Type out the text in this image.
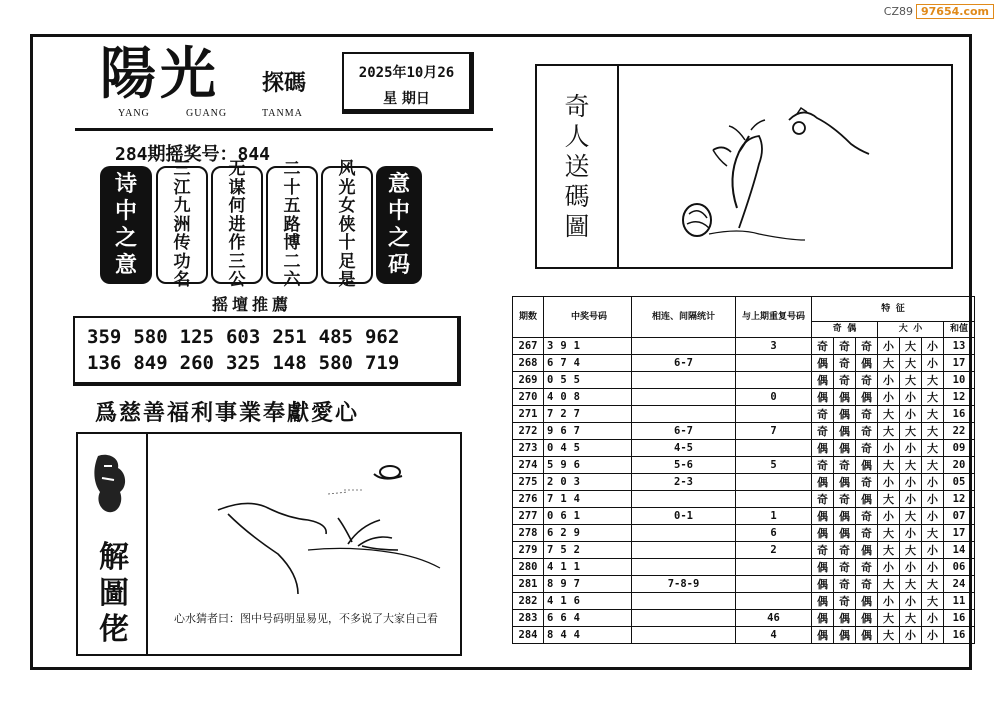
CZ89 97654.com
陽光 探碼
YANG	GUANG	TANMA
2025年10月26
星 期日
284期摇奖号：844
诗
中
之
意
三
江
九
洲
传
功
名
无
谋
何
进
作
三
公
二
十
五
路
博
二
六
风
光
女
侠
十
足
是
意
中
之
码
摇壇推薦
359 580 125 603 251 485 962
136 849 260 325 148 580 719
爲慈善福利事業奉獻愛心
解
圖
佬	心水猜者曰：图中号码明显易见，不多说了大家自己看
奇
人
送
碼
圖
期数	中奖号码	相连、间隔统计	与上期重复号码	特 征						
				奇 偶			大 小			和值
267	391		3	奇	奇	奇	小	大	小	13
268	674	6-7		偶	奇	偶	大	大	小	17
269	055			偶	奇	奇	小	大	大	10
270	408		0	偶	偶	偶	小	小	大	12
271	727			奇	偶	奇	大	小	大	16
272	967	6-7	7	奇	偶	奇	大	大	大	22
273	045	4-5		偶	偶	奇	小	小	大	09
274	596	5-6	5	奇	奇	偶	大	大	大	20
275	203	2-3		偶	偶	奇	小	小	小	05
276	714			奇	奇	偶	大	小	小	12
277	061	0-1	1	偶	偶	奇	小	大	小	07
278	629		6	偶	偶	奇	大	小	大	17
279	752		2	奇	奇	偶	大	大	小	14
280	411			偶	奇	奇	小	小	小	06
281	897	7-8-9		偶	奇	奇	大	大	大	24
282	416			偶	奇	偶	小	小	大	11
283	664		46	偶	偶	偶	大	大	小	16
284	844		4	偶	偶	偶	大	小	小	16
